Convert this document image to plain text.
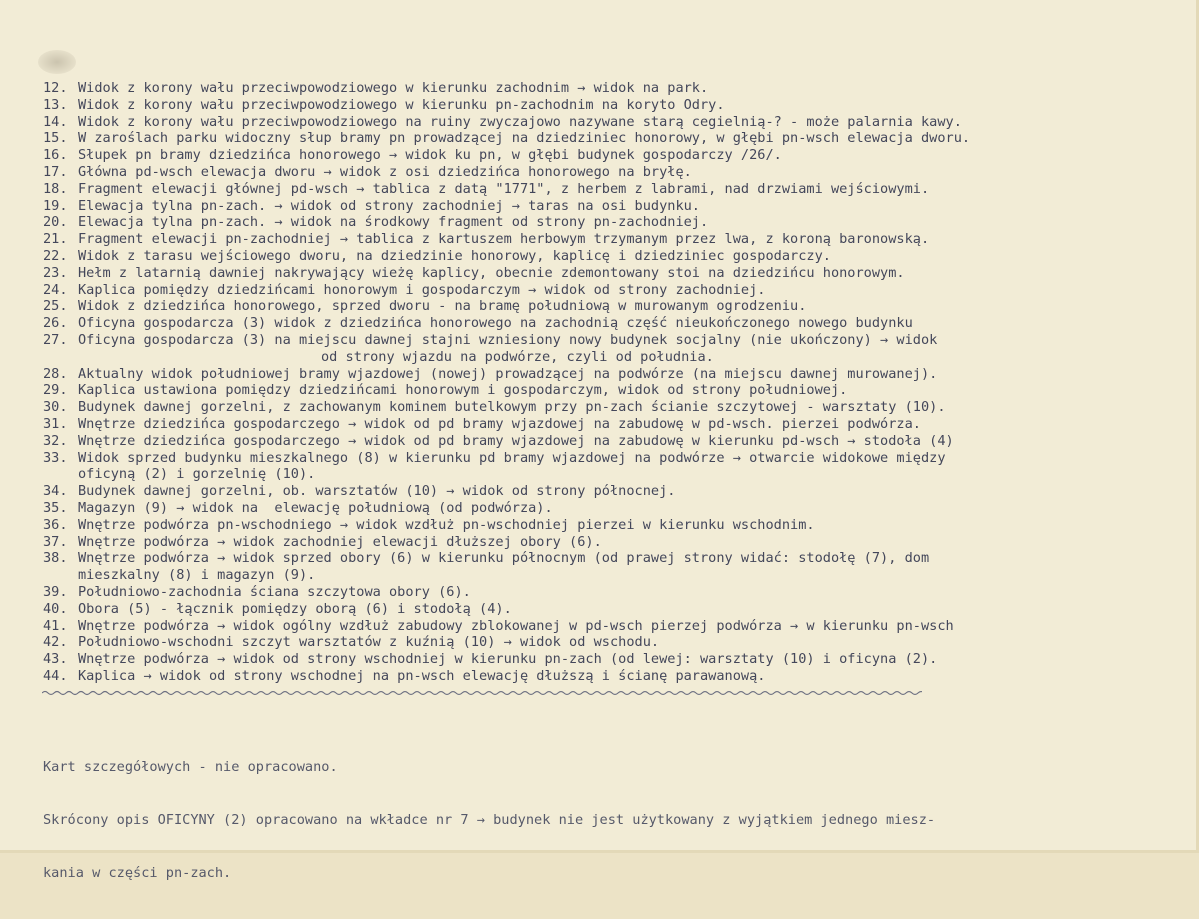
12. Widok z korony wału przeciwpowodziowego w kierunku zachodnim → widok na park.
13. Widok z korony wału przeciwpowodziowego w kierunku pn-zachodnim na koryto Odry.
14. Widok z korony wału przeciwpowodziowego na ruiny zwyczajowo nazywane starą cegielnią-? - może palarnia kawy.
15. W zaroślach parku widoczny słup bramy pn prowadzącej na dziedziniec honorowy, w głębi pn-wsch elewacja dworu.
16. Słupek pn bramy dziedzińca honorowego → widok ku pn, w głębi budynek gospodarczy /26/.
17. Główna pd-wsch elewacja dworu → widok z osi dziedzińca honorowego na bryłę.
18. Fragment elewacji głównej pd-wsch → tablica z datą "1771", z herbem z labrami, nad drzwiami wejściowymi.
19. Elewacja tylna pn-zach. → widok od strony zachodniej → taras na osi budynku.
20. Elewacja tylna pn-zach. → widok na środkowy fragment od strony pn-zachodniej.
21. Fragment elewacji pn-zachodniej → tablica z kartuszem herbowym trzymanym przez lwa, z koroną baronowską.
22. Widok z tarasu wejściowego dworu, na dziedzinie honorowy, kaplicę i dziedziniec gospodarczy.
23. Hełm z latarnią dawniej nakrywający wieżę kaplicy, obecnie zdemontowany stoi na dziedzińcu honorowym.
24. Kaplica pomiędzy dziedzińcami honorowym i gospodarczym → widok od strony zachodniej.
25. Widok z dziedzińca honorowego, sprzed dworu - na bramę południową w murowanym ogrodzeniu.
26. Oficyna gospodarcza (3) widok z dziedzińca honorowego na zachodnią część nieukończonego nowego budynku
27. Oficyna gospodarcza (3) na miejscu dawnej stajni wzniesiony nowy budynek socjalny (nie ukończony) → widok
od strony wjazdu na podwórze, czyli od południa.
28. Aktualny widok południowej bramy wjazdowej (nowej) prowadzącej na podwórze (na miejscu dawnej murowanej).
29. Kaplica ustawiona pomiędzy dziedzińcami honorowym i gospodarczym, widok od strony południowej.
30. Budynek dawnej gorzelni, z zachowanym kominem butelkowym przy pn-zach ścianie szczytowej - warsztaty (10).
31. Wnętrze dziedzińca gospodarczego → widok od pd bramy wjazdowej na zabudowę w pd-wsch. pierzei podwórza.
32. Wnętrze dziedzińca gospodarczego → widok od pd bramy wjazdowej na zabudowę w kierunku pd-wsch → stodoła (4)
33. Widok sprzed budynku mieszkalnego (8) w kierunku pd bramy wjazdowej na podwórze → otwarcie widokowe między
oficyną (2) i gorzelnię (10).
34. Budynek dawnej gorzelni, ob. warsztatów (10) → widok od strony północnej.
35. Magazyn (9) → widok na  elewację południową (od podwórza).
36. Wnętrze podwórza pn-wschodniego → widok wzdłuż pn-wschodniej pierzei w kierunku wschodnim.
37. Wnętrze podwórza → widok zachodniej elewacji dłuższej obory (6).
38. Wnętrze podwórza → widok sprzed obory (6) w kierunku północnym (od prawej strony widać: stodołę (7), dom
mieszkalny (8) i magazyn (9).
39. Południowo-zachodnia ściana szczytowa obory (6).
40. Obora (5) - łącznik pomiędzy oborą (6) i stodołą (4).
41. Wnętrze podwórza → widok ogólny wzdłuż zabudowy zblokowanej w pd-wsch pierzej podwórza → w kierunku pn-wsch
42. Południowo-wschodni szczyt warsztatów z kuźnią (10) → widok od wschodu.
43. Wnętrze podwórza → widok od strony wschodniej w kierunku pn-zach (od lewej: warsztaty (10) i oficyna (2).
44. Kaplica → widok od strony wschodnej na pn-wsch elewację dłuższą i ścianę parawanową.

Kart szczegółowych - nie opracowano.

Skrócony opis OFICYNY (2) opracowano na wkładce nr 7 → budynek nie jest użytkowany z wyjątkiem jednego miesz-

kania w części pn-zach.
